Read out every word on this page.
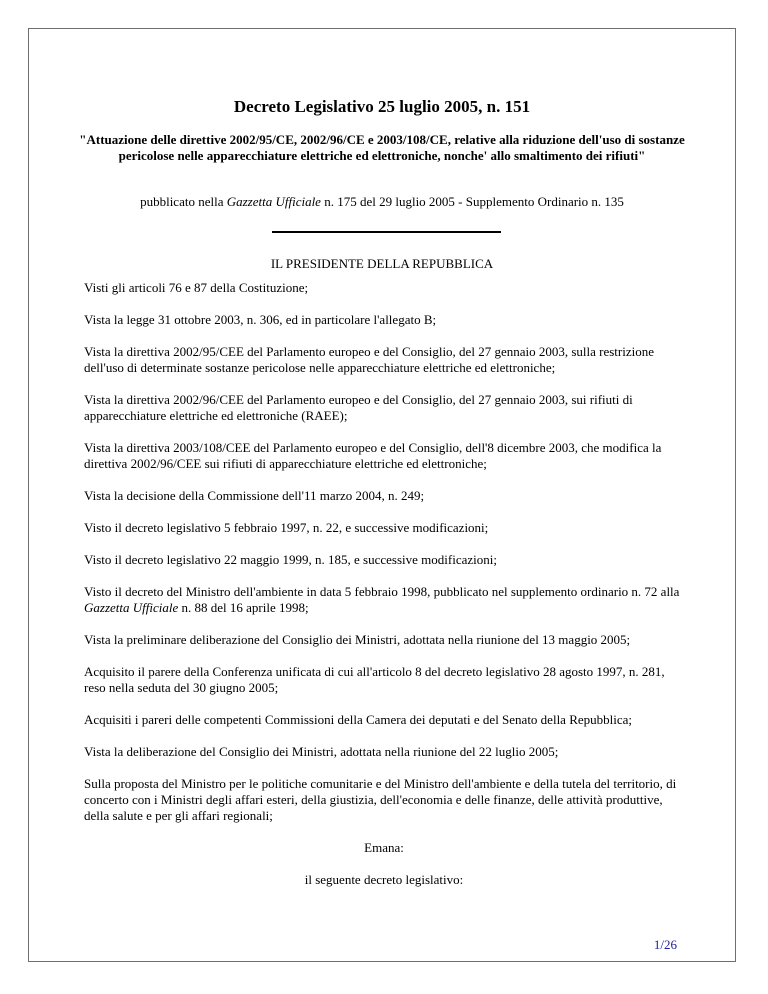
Decreto Legislativo 25 luglio 2005, n. 151
"Attuazione delle direttive 2002/95/CE, 2002/96/CE e 2003/108/CE, relative alla riduzione dell'uso di sostanze pericolose nelle apparecchiature elettriche ed elettroniche, nonche' allo smaltimento dei rifiuti"
pubblicato nella Gazzetta Ufficiale n. 175 del 29 luglio 2005 - Supplemento Ordinario n. 135
IL PRESIDENTE DELLA REPUBBLICA

Visti gli articoli 76 e 87 della Costituzione;

Vista la legge 31 ottobre 2003, n. 306, ed in particolare l'allegato B;

Vista la direttiva 2002/95/CEE del Parlamento europeo e del Consiglio, del 27 gennaio 2003, sulla restrizione dell'uso di determinate sostanze pericolose nelle apparecchiature elettriche ed elettroniche;

Vista la direttiva 2002/96/CEE del Parlamento europeo e del Consiglio, del 27 gennaio 2003, sui rifiuti di apparecchiature elettriche ed elettroniche (RAEE);

Vista la direttiva 2003/108/CEE del Parlamento europeo e del Consiglio, dell'8 dicembre 2003, che modifica la direttiva 2002/96/CEE sui rifiuti di apparecchiature elettriche ed elettroniche;

Vista la decisione della Commissione dell'11 marzo 2004, n. 249;

Visto il decreto legislativo 5 febbraio 1997, n. 22, e successive modificazioni;

Visto il decreto legislativo 22 maggio 1999, n. 185, e successive modificazioni;

Visto il decreto del Ministro dell'ambiente in data 5 febbraio 1998, pubblicato nel supplemento ordinario n. 72 alla Gazzetta Ufficiale n. 88 del 16 aprile 1998;

Vista la preliminare deliberazione del Consiglio dei Ministri, adottata nella riunione del 13 maggio 2005;

Acquisito il parere della Conferenza unificata di cui all'articolo 8 del decreto legislativo 28 agosto 1997, n. 281, reso nella seduta del 30 giugno 2005;

Acquisiti i pareri delle competenti Commissioni della Camera dei deputati e del Senato della Repubblica;

Vista la deliberazione del Consiglio dei Ministri, adottata nella riunione del 22 luglio 2005;

Sulla proposta del Ministro per le politiche comunitarie e del Ministro dell'ambiente e della tutela del territorio, di concerto con i Ministri degli affari esteri, della giustizia, dell'economia e delle finanze, delle attività produttive, della salute e per gli affari regionali;

Emana:

il seguente decreto legislativo:

1/26
